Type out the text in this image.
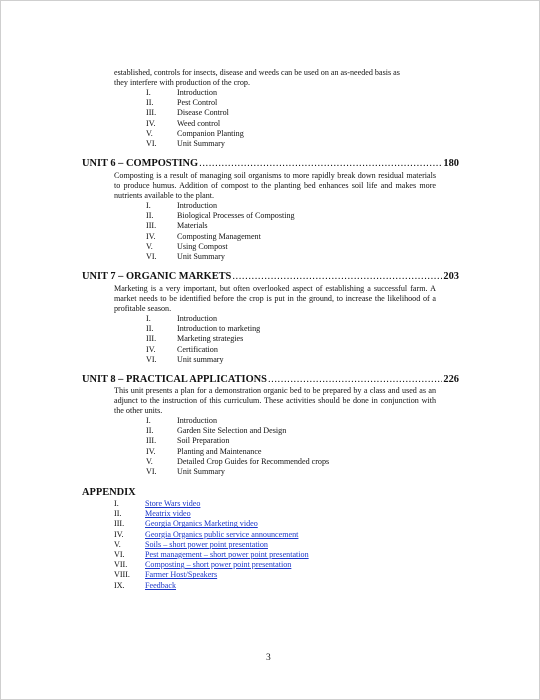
established, controls for insects, disease and weeds can be used on an as-needed basis as
they interfere with production of the crop.
I.	Introduction
II.	Pest Control
III.	Disease Control
IV.	Weed control
V.	Companion Planting
VI.	Unit Summary
UNIT 6 – COMPOSTING .....	180
Composting is a result of managing soil organisms to more rapidly break down residual materials to produce humus. Addition of compost to the planting bed enhances soil life and makes more nutrients available to the plant.
I.	Introduction
II.	Biological Processes of Composting
III.	Materials
IV.	Composting Management
V.	Using Compost
VI.	Unit Summary
UNIT 7 – ORGANIC MARKETS .....	203
Marketing is a very important, but often overlooked aspect of establishing a successful farm. A market needs to be identified before the crop is put in the ground, to increase the likelihood of a profitable season.
I.	Introduction
II.	Introduction to marketing
III.	Marketing strategies
IV.	Certification
VI.	Unit summary
UNIT 8 – PRACTICAL APPLICATIONS .....	226
This unit presents a plan for a demonstration organic bed to be prepared by a class and used as an adjunct to the instruction of this curriculum. These activities should be done in conjunction with the other units.
I.	Introduction
II.	Garden Site Selection and Design
III.	Soil Preparation
IV.	Planting and Maintenance
V.	Detailed Crop Guides for Recommended crops
VI.	Unit Summary
APPENDIX
I.	Store Wars video
II.	Meatrix video
III.	Georgia Organics Marketing video
IV.	Georgia Organics public service announcement
V.	Soils – short power point presentation
VI.	Pest management – short power point presentation
VII. Composting – short power point presentation
VIII. Farmer Host/Speakers
IX.	Feedback
3
